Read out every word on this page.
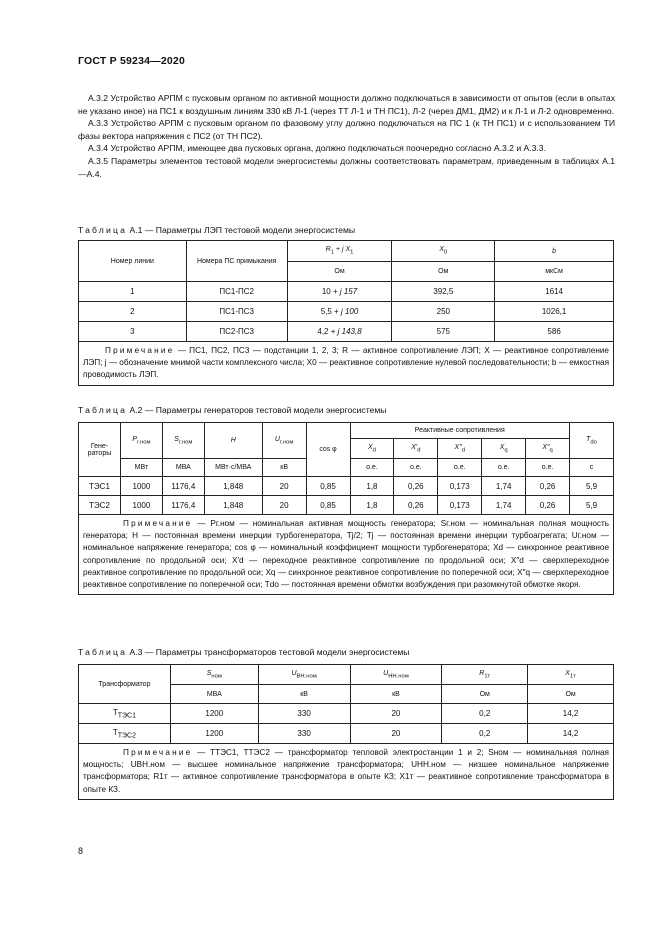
ГОСТ Р 59234—2020

А.3.2 Устройство АРПМ с пусковым органом по активной мощности должно подключаться в зависимости от опытов (если в опытах не указано иное) на ПС1 к воздушным линиям 330 кВ Л-1 (через ТТ Л-1 и ТН ПС1), Л-2 (через ДМ1, ДМ2) и к Л-1 и Л-2 одновременно.

А.3.3 Устройство АРПМ с пусковым органом по фазовому углу должно подключаться на ПС 1 (к ТН ПС1) и с использованием ТИ фазы вектора напряжения с ПС2 (от ТН ПС2).

А.3.4 Устройство АРПМ, имеющее два пусковых органа, должно подключаться поочередно согласно А.3.2 и А.3.3.

А.3.5 Параметры элементов тестовой модели энергосистемы должны соответствовать параметрам, приведенным в таблицах А.1—А.4.

Таблица А.1 — Параметры ЛЭП тестовой модели энергосистемы
Номер линии	Номера ПС примыкания	$R_1 + j$ $X_1$	$X_0$	b
		Ом	Ом	мкСм
1	ПС1-ПС2	10 + j 157	392,5	1614
2	ПС1-ПС3	5,5 + j 100	250	1026,1
3	ПС2-ПС3	4,2 + j 143,8	575	586
Примечание — ПС1, ПС2, ПС3 — подстанции 1, 2, 3; R — активное сопротивление ЛЭП; X — реактивное сопротивление ЛЭП; j — обозначение мнимой части комплексного числа; X0 — реактивное сопротивление нулевой последовательности; b — емкостная проводимость ЛЭП.				
Таблица А.2 — Параметры генераторов тестовой модели энергосистемы
Гене-раторы	$P_{г.ном}$	$S_{г.ном}$	H	$U_{г.ном}$	cos φ	Реактивные сопротивления					$T_{do}$
						$X_d$	$X'_d$	$X''_d$	$X_q$	$X''_q$
	МВт	МВА	МВт·с/МВА	кВ		о.е.	о.е.	о.е.	о.е.	о.е.	с
ТЭС1	1000	1176,4	1,848	20	0,85	1,8	0,26	0,173	1,74	0,26	5,9
ТЭС2	1000	1176,4	1,848	20	0,85	1,8	0,26	0,173	1,74	0,26	5,9
Примечание — Pг.ном — номинальная активная мощность генератора; Sг.ном — номинальная полная мощность генератора; H — постоянная времени инерции турбогенератора, Tj/2; Tj — постоянная времени инерции турбоагрегата; Uг.ном — номинальное напряжение генератора; cos φ — номинальный коэффициент мощности турбогенератора; Xd — синхронное реактивное сопротивление по продольной оси; X′d — переходное реактивное сопротивление по продольной оси; X″d — сверхпереходное реактивное сопротивление по продольной оси; Xq — синхронное реактивное сопротивление по поперечной оси; X″q — сверхпереходное реактивное сопротивление по поперечной оси; Tdo — постоянная времени обмотки возбуждения при разомкнутой обмотке якоря.											
Таблица А.3 — Параметры трансформаторов тестовой модели энергосистемы
Трансформатор	$S_{ном}$	$U_{ВН.ном}$	$U_{НН.ном}$	$R_{1т}$	$X_{1т}$
	МВА	кВ	кВ	Ом	Ом
$Т_{ТЭС1}$	1200	330	20	0,2	14,2
$Т_{ТЭС2}$	1200	330	20	0,2	14,2
Примечание — ТТЭС1, ТТЭС2 — трансформатор тепловой электростанции 1 и 2; Sном — номинальная полная мощность; UВН.ном — высшее номинальное напряжение трансформатора; UНН.ном — низшее номинальное напряжение трансформатора; R1т — активное сопротивление трансформатора в опыте КЗ; X1т — реактивное сопротивление трансформатора в опыте КЗ.					
8
